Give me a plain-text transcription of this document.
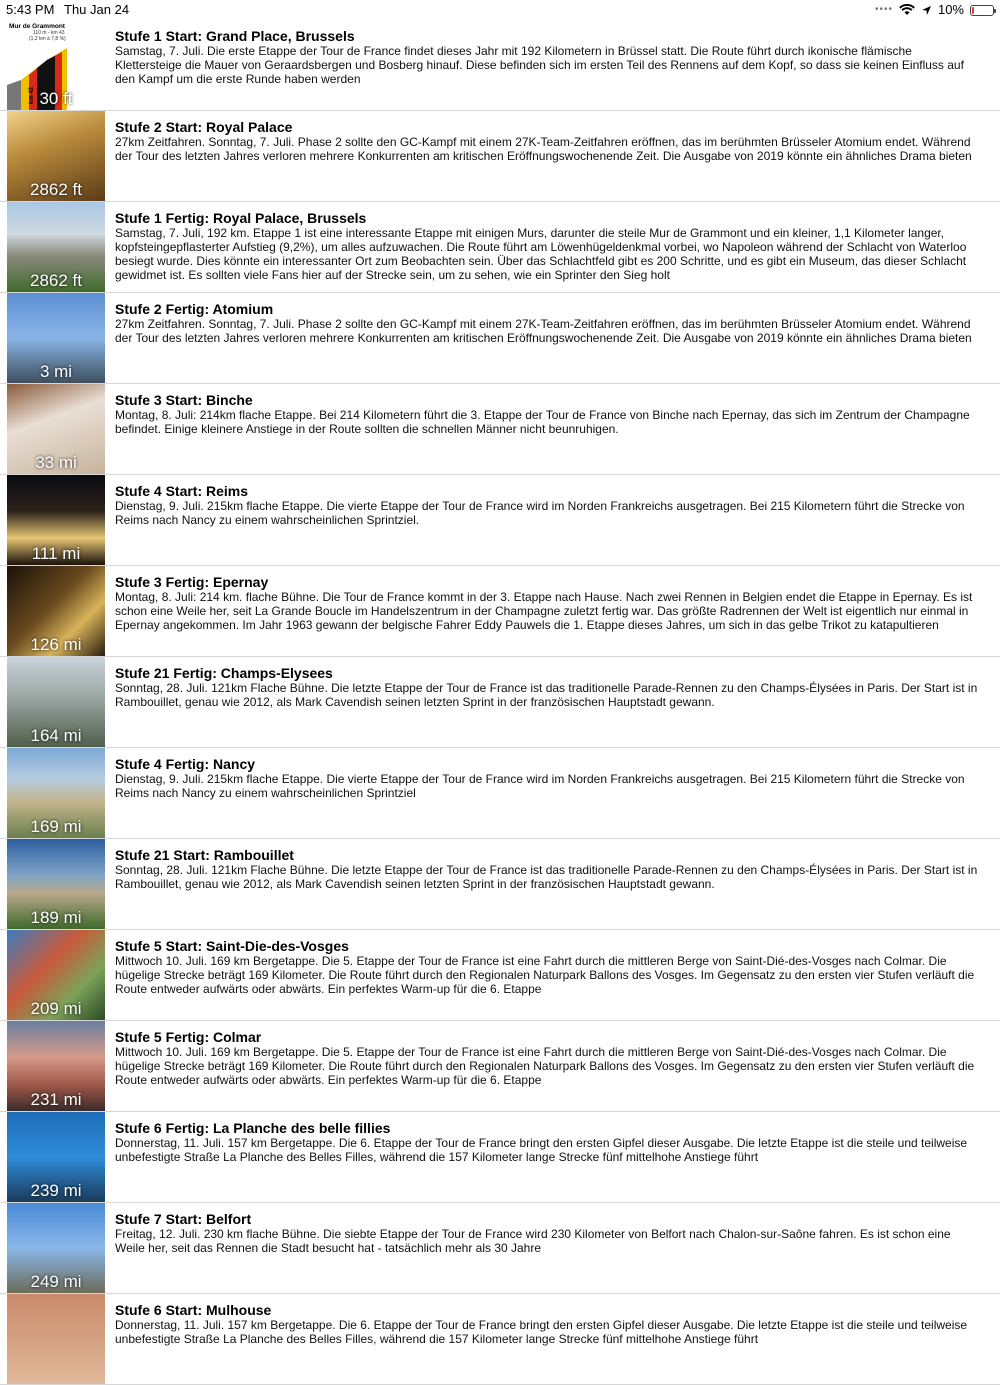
5:43 PM Thu Jan 24	••••	10%
Mur de Grammont
110 m - km 43
(1,2 km à 7,8 %)
km 42 30 ft
Stufe 1 Start: Grand Place, Brussels
Samstag, 7. Juli. Die erste Etappe der Tour de France findet dieses Jahr mit 192 Kilometern in Brüssel statt. Die Route führt durch ikonische flämische Klettersteige die Mauer von Geraardsbergen und Bosberg hinauf. Diese befinden sich im ersten Teil des Rennens auf dem Kopf, so dass sie keinen Einfluss auf den Kampf um die erste Runde haben werden
2862 ft
Stufe 2 Start: Royal Palace
27km Zeitfahren. Sonntag, 7. Juli. Phase 2 sollte den GC-Kampf mit einem 27K-Team-Zeitfahren eröffnen, das im berühmten Brüsseler Atomium endet. Während der Tour des letzten Jahres verloren mehrere Konkurrenten am kritischen Eröffnungswochenende Zeit. Die Ausgabe von 2019 könnte ein ähnliches Drama bieten
2862 ft
Stufe 1 Fertig: Royal Palace, Brussels
Samstag, 7. Juli, 192 km. Etappe 1 ist eine interessante Etappe mit einigen Murs, darunter die steile Mur de Grammont und ein kleiner, 1,1 Kilometer langer, kopfsteingepflasterter Aufstieg (9,2%), um alles aufzuwachen. Die Route führt am Löwenhügeldenkmal vorbei, wo Napoleon während der Schlacht von Waterloo besiegt wurde. Dies könnte ein interessanter Ort zum Beobachten sein. Über das Schlachtfeld gibt es 200 Schritte, und es gibt ein Museum, das dieser Schlacht gewidmet ist. Es sollten viele Fans hier auf der Strecke sein, um zu sehen, wie ein Sprinter den Sieg holt
3 mi
Stufe 2 Fertig: Atomium
27km Zeitfahren. Sonntag, 7. Juli. Phase 2 sollte den GC-Kampf mit einem 27K-Team-Zeitfahren eröffnen, das im berühmten Brüsseler Atomium endet. Während der Tour des letzten Jahres verloren mehrere Konkurrenten am kritischen Eröffnungswochenende Zeit. Die Ausgabe von 2019 könnte ein ähnliches Drama bieten
33 mi
Stufe 3 Start: Binche
Montag, 8. Juli: 214km flache Etappe. Bei 214 Kilometern führt die 3. Etappe der Tour de France von Binche nach Epernay, das sich im Zentrum der Champagne befindet. Einige kleinere Anstiege in der Route sollten die schnellen Männer nicht beunruhigen.
111 mi
Stufe 4 Start: Reims
Dienstag, 9. Juli. 215km flache Etappe. Die vierte Etappe der Tour de France wird im Norden Frankreichs ausgetragen. Bei 215 Kilometern führt die Strecke von Reims nach Nancy zu einem wahrscheinlichen Sprintziel.
126 mi
Stufe 3 Fertig: Epernay
Montag, 8. Juli: 214 km. flache Bühne. Die Tour de France kommt in der 3. Etappe nach Hause. Nach zwei Rennen in Belgien endet die Etappe in Epernay. Es ist schon eine Weile her, seit La Grande Boucle im Handelszentrum in der Champagne zuletzt fertig war. Das größte Radrennen der Welt ist eigentlich nur einmal in Epernay angekommen. Im Jahr 1963 gewann der belgische Fahrer Eddy Pauwels die 1. Etappe dieses Jahres, um sich in das gelbe Trikot zu katapultieren
164 mi
Stufe 21 Fertig: Champs-Elysees
Sonntag, 28. Juli. 121km Flache Bühne. Die letzte Etappe der Tour de France ist das traditionelle Parade-Rennen zu den Champs-Élysées in Paris. Der Start ist in Rambouillet, genau wie 2012, als Mark Cavendish seinen letzten Sprint in der französischen Hauptstadt gewann.
169 mi
Stufe 4 Fertig: Nancy
Dienstag, 9. Juli. 215km flache Etappe. Die vierte Etappe der Tour de France wird im Norden Frankreichs ausgetragen. Bei 215 Kilometern führt die Strecke von Reims nach Nancy zu einem wahrscheinlichen Sprintziel
189 mi
Stufe 21 Start: Rambouillet
Sonntag, 28. Juli. 121km Flache Bühne. Die letzte Etappe der Tour de France ist das traditionelle Parade-Rennen zu den Champs-Élysées in Paris. Der Start ist in Rambouillet, genau wie 2012, als Mark Cavendish seinen letzten Sprint in der französischen Hauptstadt gewann.
209 mi
Stufe 5 Start: Saint-Die-des-Vosges
Mittwoch 10. Juli. 169 km Bergetappe. Die 5. Etappe der Tour de France ist eine Fahrt durch die mittleren Berge von Saint-Dié-des-Vosges nach Colmar. Die hügelige Strecke beträgt 169 Kilometer. Die Route führt durch den Regionalen Naturpark Ballons des Vosges. Im Gegensatz zu den ersten vier Stufen verläuft die Route entweder aufwärts oder abwärts. Ein perfektes Warm-up für die 6. Etappe
231 mi
Stufe 5 Fertig: Colmar
Mittwoch 10. Juli. 169 km Bergetappe. Die 5. Etappe der Tour de France ist eine Fahrt durch die mittleren Berge von Saint-Dié-des-Vosges nach Colmar. Die hügelige Strecke beträgt 169 Kilometer. Die Route führt durch den Regionalen Naturpark Ballons des Vosges. Im Gegensatz zu den ersten vier Stufen verläuft die Route entweder aufwärts oder abwärts. Ein perfektes Warm-up für die 6. Etappe
239 mi
Stufe 6 Fertig: La Planche des belle fillies
Donnerstag, 11. Juli. 157 km Bergetappe. Die 6. Etappe der Tour de France bringt den ersten Gipfel dieser Ausgabe. Die letzte Etappe ist die steile und teilweise unbefestigte Straße La Planche des Belles Filles, während die 157 Kilometer lange Strecke fünf mittelhohe Anstiege führt
249 mi
Stufe 7 Start: Belfort
Freitag, 12. Juli. 230 km flache Bühne. Die siebte Etappe der Tour de France wird 230 Kilometer von Belfort nach Chalon-sur-Saône fahren. Es ist schon eine Weile her, seit das Rennen die Stadt besucht hat - tatsächlich mehr als 30 Jahre
Stufe 6 Start: Mulhouse
Donnerstag, 11. Juli. 157 km Bergetappe. Die 6. Etappe der Tour de France bringt den ersten Gipfel dieser Ausgabe. Die letzte Etappe ist die steile und teilweise unbefestigte Straße La Planche des Belles Filles, während die 157 Kilometer lange Strecke fünf mittelhohe Anstiege führt
